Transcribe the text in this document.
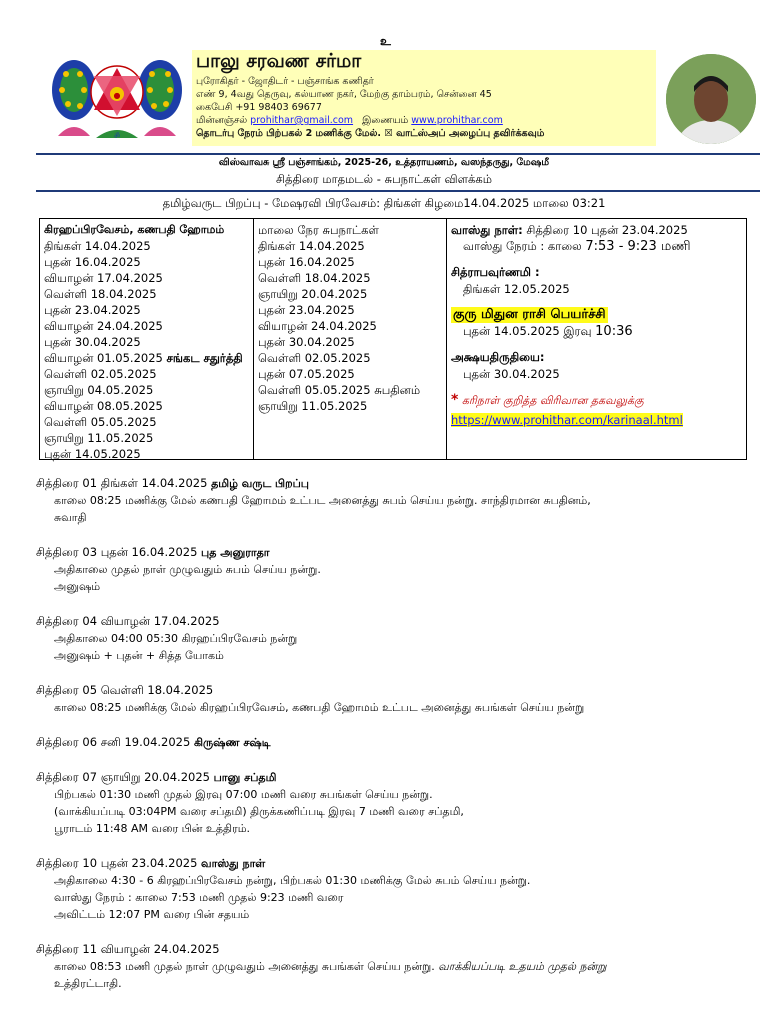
உ
●
ॐ
பாலு சரவண சர்மா
புரோகிதர் - ஜோதிடர் - பஞ்சாங்க கணிதர்
எண் 9, 4வது தெருவு, கல்யாண நகர், மேற்கு தாம்பரம், சென்னை 45
கைபேசி +91 98403 69677
மின்னஞ்சல் prohithar@gmail.com இணையம் www.prohithar.com
தொடர்பு நேரம் பிற்பகல் 2 மணிக்கு மேல். ☒ வாட்ஸ்அப் அழைப்பு தவிர்க்கவும்
விஸ்வாவசு ஸ்ரீ பஞ்சாங்கம், 2025-26, உத்தராயணம், வஸந்தருது, மேஷமீ
சித்திரை மாதமடல் - சுபநாட்கள் விளக்கம்
தமிழ்வருட பிறப்பு - மேஷரவி பிரவேசம்: திங்கள் கிழமை14.04.2025 மாலை 03:21
கிரஹப்பிரவேசம், கணபதி ஹோமம்
திங்கள் 14.04.2025
புதன் 16.04.2025
வியாழன் 17.04.2025
வெள்ளி 18.04.2025
புதன் 23.04.2025
வியாழன் 24.04.2025
புதன் 30.04.2025
வியாழன் 01.05.2025 சங்கட சதுர்த்தி
வெள்ளி 02.05.2025
ஞாயிறு 04.05.2025
வியாழன் 08.05.2025
வெள்ளி 05.05.2025
ஞாயிறு 11.05.2025
புதன் 14.05.2025
மாலை நேர சுபநாட்கள்
திங்கள் 14.04.2025
புதன் 16.04.2025
வெள்ளி 18.04.2025
ஞாயிறு 20.04.2025
புதன் 23.04.2025
வியாழன் 24.04.2025
புதன் 30.04.2025
வெள்ளி 02.05.2025
புதன் 07.05.2025
வெள்ளி 05.05.2025 சுபதினம்
ஞாயிறு 11.05.2025
வாஸ்து நாள்: சித்திரை 10 புதன் 23.04.2025
வாஸ்து நேரம் : காலை 7:53 - 9:23 மணி
சித்ராபவுர்ணமி :
திங்கள் 12.05.2025
குரு மிதுன ராசி பெயர்ச்சி
புதன் 14.05.2025 இரவு 10:36
அக்ஷயதிருதியை:
புதன் 30.04.2025
* கரிநாள் குறித்த விரிவான தகவலுக்கு
https://www.prohithar.com/karinaal.html
சித்திரை 01 திங்கள் 14.04.2025 தமிழ் வருட பிறப்பு
காலை 08:25 மணிக்கு மேல் கணபதி ஹோமம் உட்பட அனைத்து சுபம் செய்ய நன்று. சாந்திரமான சுபதினம்,
சுவாதி
சித்திரை 03 புதன் 16.04.2025 புத அனுராதா
அதிகாலை முதல் நாள் முழுவதும் சுபம் செய்ய நன்று.
அனுஷம்
சித்திரை 04 வியாழன் 17.04.2025
அதிகாலை 04:00 05:30 கிரஹப்பிரவேசம் நன்று
அனுஷம் + புதன் + சித்த யோகம்
சித்திரை 05 வெள்ளி 18.04.2025
காலை 08:25 மணிக்கு மேல் கிரஹப்பிரவேசம், கணபதி ஹோமம் உட்பட அனைத்து சுபங்கள் செய்ய நன்று
சித்திரை 06 சனி 19.04.2025 கிருஷ்ண சஷ்டி
சித்திரை 07 ஞாயிறு 20.04.2025 பானு சப்தமி
பிற்பகல் 01:30 மணி முதல் இரவு 07:00 மணி வரை சுபங்கள் செய்ய நன்று.
(வாக்கியப்படி 03:04PM வரை சப்தமி) திருக்கணிப்படி இரவு 7 மணி வரை சப்தமி,
பூராடம் 11:48 AM வரை பின் உத்திரம்.
சித்திரை 10 புதன் 23.04.2025 வாஸ்து நாள்
அதிகாலை 4:30 - 6 கிரஹப்பிரவேசம் நன்று, பிற்பகல் 01:30 மணிக்கு மேல் சுபம் செய்ய நன்று.
வாஸ்து நேரம் : காலை 7:53 மணி முதல் 9:23 மணி வரை
அவிட்டம் 12:07 PM வரை பின் சதயம்
சித்திரை 11 வியாழன் 24.04.2025
காலை 08:53 மணி முதல் நாள் முழுவதும் அனைத்து சுபங்கள் செய்ய நன்று. வாக்கியப்படி உதயம் முதல் நன்று
உத்திரட்டாதி.
